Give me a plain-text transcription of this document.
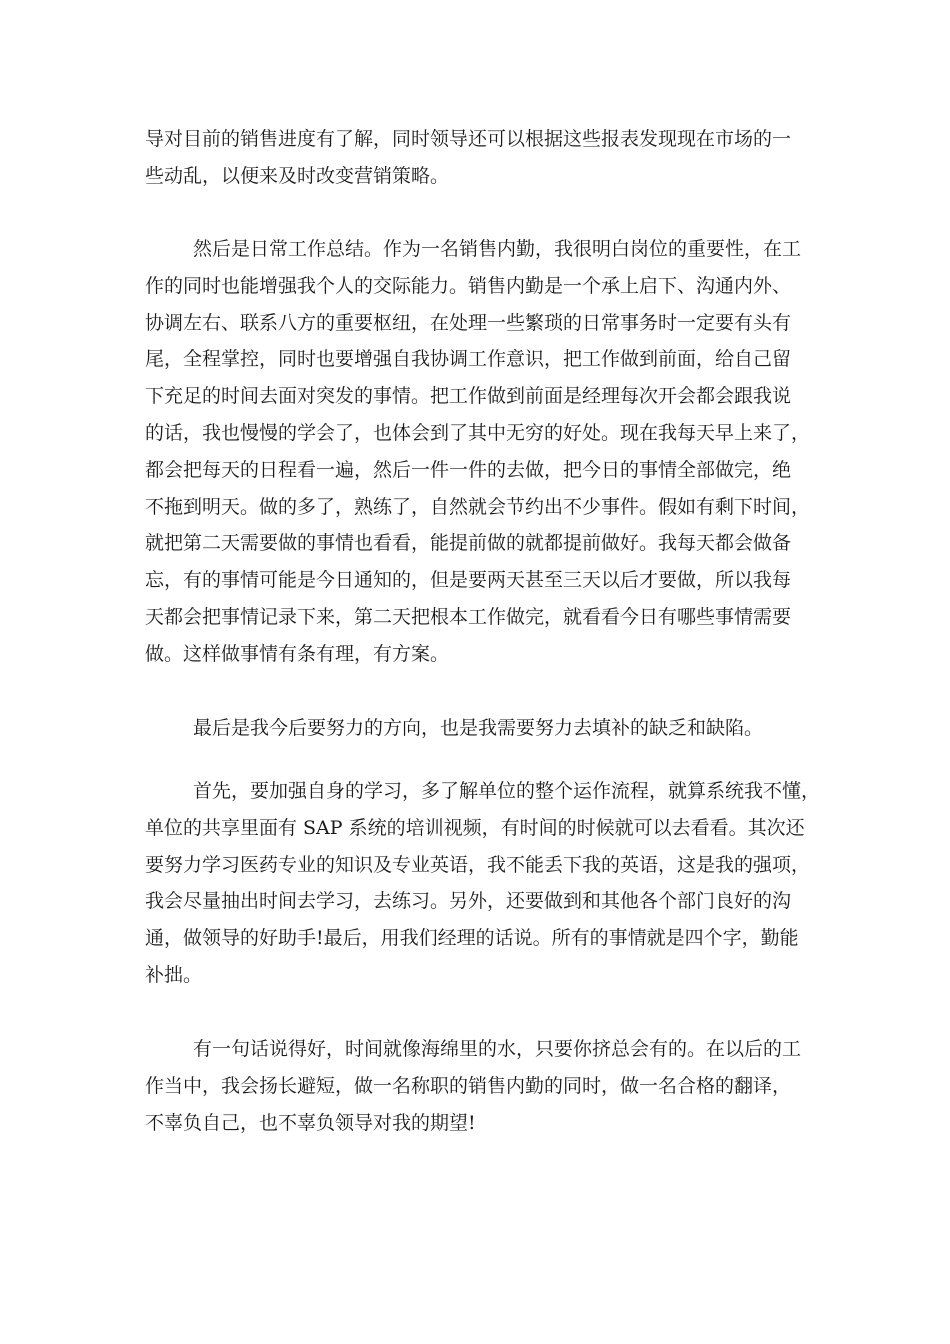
导对目前的销售进度有了解，同时领导还可以根据这些报表发现现在市场的一
些动乱，以便来及时改变营销策略。
然后是日常工作总结。作为一名销售内勤，我很明白岗位的重要性，在工
作的同时也能增强我个人的交际能力。销售内勤是一个承上启下、沟通内外、
协调左右、联系八方的重要枢纽，在处理一些繁琐的日常事务时一定要有头有
尾，全程掌控，同时也要增强自我协调工作意识，把工作做到前面，给自己留
下充足的时间去面对突发的事情。把工作做到前面是经理每次开会都会跟我说
的话，我也慢慢的学会了，也体会到了其中无穷的好处。现在我每天早上来了，
都会把每天的日程看一遍，然后一件一件的去做，把今日的事情全部做完，绝
不拖到明天。做的多了，熟练了，自然就会节约出不少事件。假如有剩下时间，
就把第二天需要做的事情也看看，能提前做的就都提前做好。我每天都会做备
忘，有的事情可能是今日通知的，但是要两天甚至三天以后才要做，所以我每
天都会把事情记录下来，第二天把根本工作做完，就看看今日有哪些事情需要
做。这样做事情有条有理，有方案。
最后是我今后要努力的方向，也是我需要努力去填补的缺乏和缺陷。
首先，要加强自身的学习，多了解单位的整个运作流程，就算系统我不懂，
单位的共享里面有 SAP 系统的培训视频，有时间的时候就可以去看看。其次还
要努力学习医药专业的知识及专业英语，我不能丢下我的英语，这是我的强项，
我会尽量抽出时间去学习，去练习。另外，还要做到和其他各个部门良好的沟
通，做领导的好助手!最后，用我们经理的话说。所有的事情就是四个字，勤能
补拙。
有一句话说得好，时间就像海绵里的水，只要你挤总会有的。在以后的工
作当中，我会扬长避短，做一名称职的销售内勤的同时，做一名合格的翻译，
不辜负自己，也不辜负领导对我的期望!
